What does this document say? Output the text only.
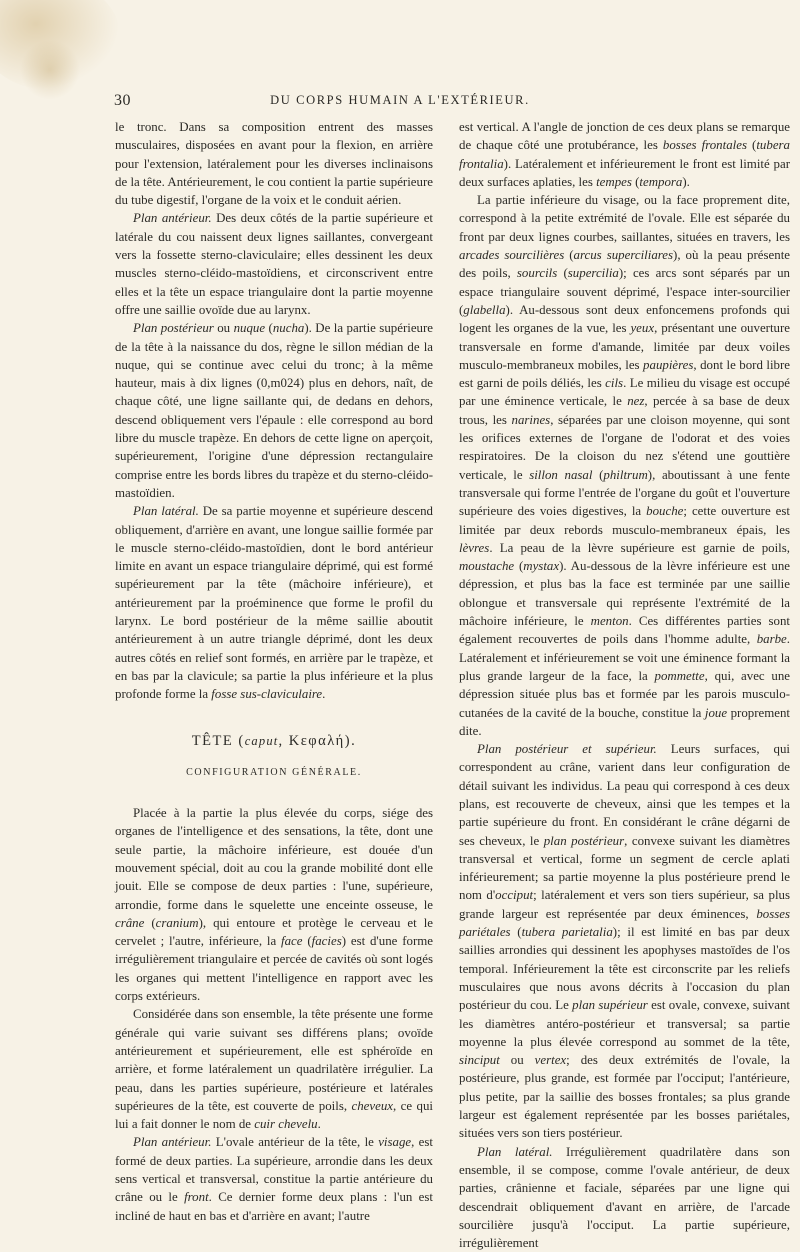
30	DU CORPS HUMAIN A L'EXTÉRIEUR.

le tronc. Dans sa composition entrent des masses musculaires, disposées en avant pour la flexion, en arrière pour l'extension, latéralement pour les diverses inclinaisons de la tête. Antérieurement, le cou contient la partie supérieure du tube digestif, l'organe de la voix et le conduit aérien.

Plan antérieur. Des deux côtés de la partie supérieure et latérale du cou naissent deux lignes saillantes, convergeant vers la fossette sterno-claviculaire; elles dessinent les deux muscles sterno-cléido-mastoïdiens, et circonscrivent entre elles et la tête un espace triangulaire dont la partie moyenne offre une saillie ovoïde due au larynx.

Plan postérieur ou nuque (nucha). De la partie supérieure de la tête à la naissance du dos, règne le sillon médian de la nuque, qui se continue avec celui du tronc; à la même hauteur, mais à dix lignes (0,m024) plus en dehors, naît, de chaque côté, une ligne saillante qui, de dedans en dehors, descend obliquement vers l'épaule : elle correspond au bord libre du muscle trapèze. En dehors de cette ligne on aperçoit, supérieurement, l'origine d'une dépression rectangulaire comprise entre les bords libres du trapèze et du sterno-cléido-mastoïdien.

Plan latéral. De sa partie moyenne et supérieure descend obliquement, d'arrière en avant, une longue saillie formée par le muscle sterno-cléido-mastoïdien, dont le bord antérieur limite en avant un espace triangulaire déprimé, qui est formé supérieurement par la tête (mâchoire inférieure), et antérieurement par la proéminence que forme le profil du larynx. Le bord postérieur de la même saillie aboutit antérieurement à un autre triangle déprimé, dont les deux autres côtés en relief sont formés, en arrière par le trapèze, et en bas par la clavicule; sa partie la plus inférieure et la plus profonde forme la fosse sus-claviculaire.

TÊTE (caput, Κεφαλή).
CONFIGURATION GÉNÉRALE.

Placée à la partie la plus élevée du corps, siége des organes de l'intelligence et des sensations, la tête, dont une seule partie, la mâchoire inférieure, est douée d'un mouvement spécial, doit au cou la grande mobilité dont elle jouit. Elle se compose de deux parties : l'une, supérieure, arrondie, forme dans le squelette une enceinte osseuse, le crâne (cranium), qui entoure et protège le cerveau et le cervelet ; l'autre, inférieure, la face (facies) est d'une forme irrégulièrement triangulaire et percée de cavités où sont logés les organes qui mettent l'intelligence en rapport avec les corps extérieurs.

Considérée dans son ensemble, la tête présente une forme générale qui varie suivant ses différens plans; ovoïde antérieurement et supérieurement, elle est sphéroïde en arrière, et forme latéralement un quadrilatère irrégulier. La peau, dans les parties supérieure, postérieure et latérales supérieures de la tête, est couverte de poils, cheveux, ce qui lui a fait donner le nom de cuir chevelu.

Plan antérieur. L'ovale antérieur de la tête, le visage, est formé de deux parties. La supérieure, arrondie dans les deux sens vertical et transversal, constitue la partie antérieure du crâne ou le front. Ce dernier forme deux plans : l'un est incliné de haut en bas et d'arrière en avant; l'autre

est vertical. A l'angle de jonction de ces deux plans se remarque de chaque côté une protubérance, les bosses frontales (tubera frontalia). Latéralement et inférieurement le front est limité par deux surfaces aplaties, les tempes (tempora).

La partie inférieure du visage, ou la face proprement dite, correspond à la petite extrémité de l'ovale. Elle est séparée du front par deux lignes courbes, saillantes, situées en travers, les arcades sourcilières (arcus superciliares), où la peau présente des poils, sourcils (supercilia); ces arcs sont séparés par un espace triangulaire souvent déprimé, l'espace inter-sourcilier (glabella). Au-dessous sont deux enfoncemens profonds qui logent les organes de la vue, les yeux, présentant une ouverture transversale en forme d'amande, limitée par deux voiles musculo-membraneux mobiles, les paupières, dont le bord libre est garni de poils déliés, les cils. Le milieu du visage est occupé par une éminence verticale, le nez, percée à sa base de deux trous, les narines, séparées par une cloison moyenne, qui sont les orifices externes de l'organe de l'odorat et des voies respiratoires. De la cloison du nez s'étend une gouttière verticale, le sillon nasal (philtrum), aboutissant à une fente transversale qui forme l'entrée de l'organe du goût et l'ouverture supérieure des voies digestives, la bouche; cette ouverture est limitée par deux rebords musculo-membraneux épais, les lèvres. La peau de la lèvre supérieure est garnie de poils, moustache (mystax). Au-dessous de la lèvre inférieure est une dépression, et plus bas la face est terminée par une saillie oblongue et transversale qui représente l'extrémité de la mâchoire inférieure, le menton. Ces différentes parties sont également recouvertes de poils dans l'homme adulte, barbe. Latéralement et inférieurement se voit une éminence formant la plus grande largeur de la face, la pommette, qui, avec une dépression située plus bas et formée par les parois musculo-cutanées de la cavité de la bouche, constitue la joue proprement dite.

Plan postérieur et supérieur. Leurs surfaces, qui correspondent au crâne, varient dans leur configuration de détail suivant les individus. La peau qui correspond à ces deux plans, est recouverte de cheveux, ainsi que les tempes et la partie supérieure du front. En considérant le crâne dégarni de ses cheveux, le plan postérieur, convexe suivant les diamètres transversal et vertical, forme un segment de cercle aplati inférieurement; sa partie moyenne la plus postérieure prend le nom d'occiput; latéralement et vers son tiers supérieur, sa plus grande largeur est représentée par deux éminences, bosses pariétales (tubera parietalia); il est limité en bas par deux saillies arrondies qui dessinent les apophyses mastoïdes de l'os temporal. Inférieurement la tête est circonscrite par les reliefs musculaires que nous avons décrits à l'occasion du plan postérieur du cou. Le plan supérieur est ovale, convexe, suivant les diamètres antéro-postérieur et transversal; sa partie moyenne la plus élevée correspond au sommet de la tête, sinciput ou vertex; des deux extrémités de l'ovale, la postérieure, plus grande, est formée par l'occiput; l'antérieure, plus petite, par la saillie des bosses frontales; sa plus grande largeur est également représentée par les bosses pariétales, situées vers son tiers postérieur.

Plan latéral. Irrégulièrement quadrilatère dans son ensemble, il se compose, comme l'ovale antérieur, de deux parties, crânienne et faciale, séparées par une ligne qui descendrait obliquement d'avant en arrière, de l'arcade sourcilière jusqu'à l'occiput. La partie supérieure, irrégulièrement
